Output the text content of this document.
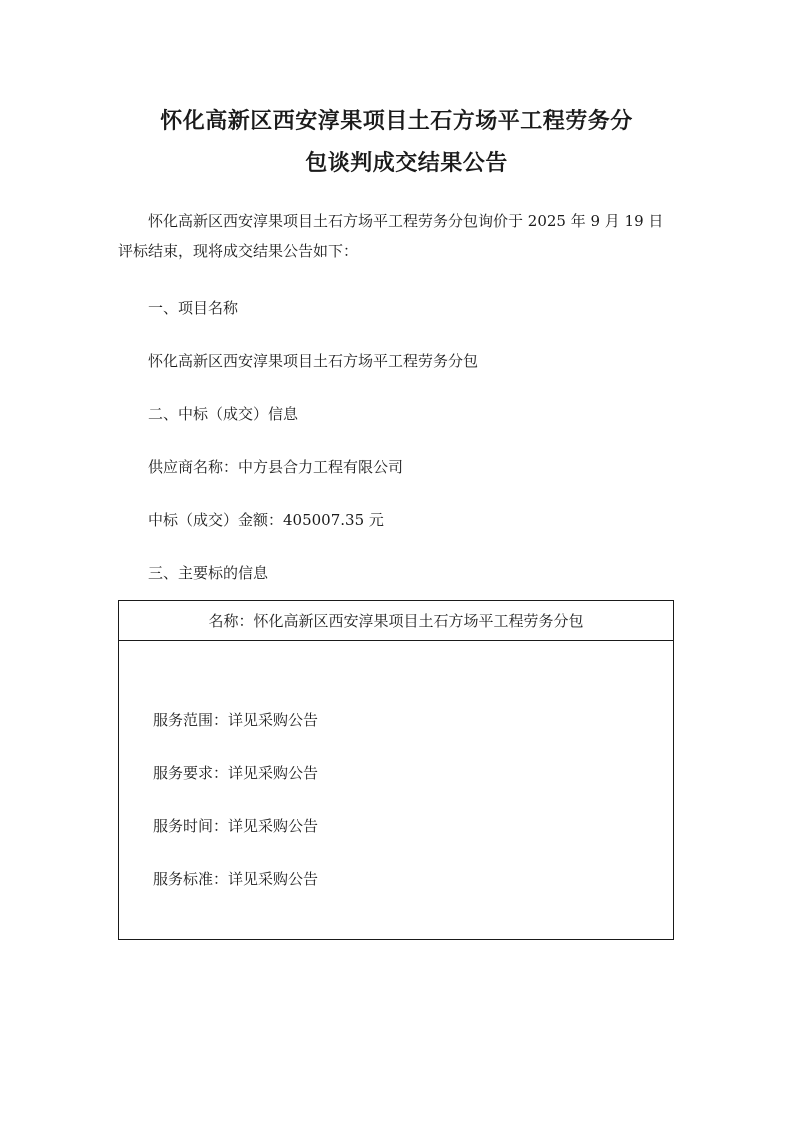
怀化高新区西安淳果项目土石方场平工程劳务分
包谈判成交结果公告

怀化高新区西安淳果项目土石方场平工程劳务分包询价于 2025 年 9 月 19 日评标结束，现将成交结果公告如下：

一、项目名称

怀化高新区西安淳果项目土石方场平工程劳务分包

二、中标（成交）信息

供应商名称：中方县合力工程有限公司

中标（成交）金额：405007.35 元

三、主要标的信息

名称：怀化高新区西安淳果项目土石方场平工程劳务分包

服务范围：详见采购公告

服务要求：详见采购公告

服务时间：详见采购公告

服务标准：详见采购公告
